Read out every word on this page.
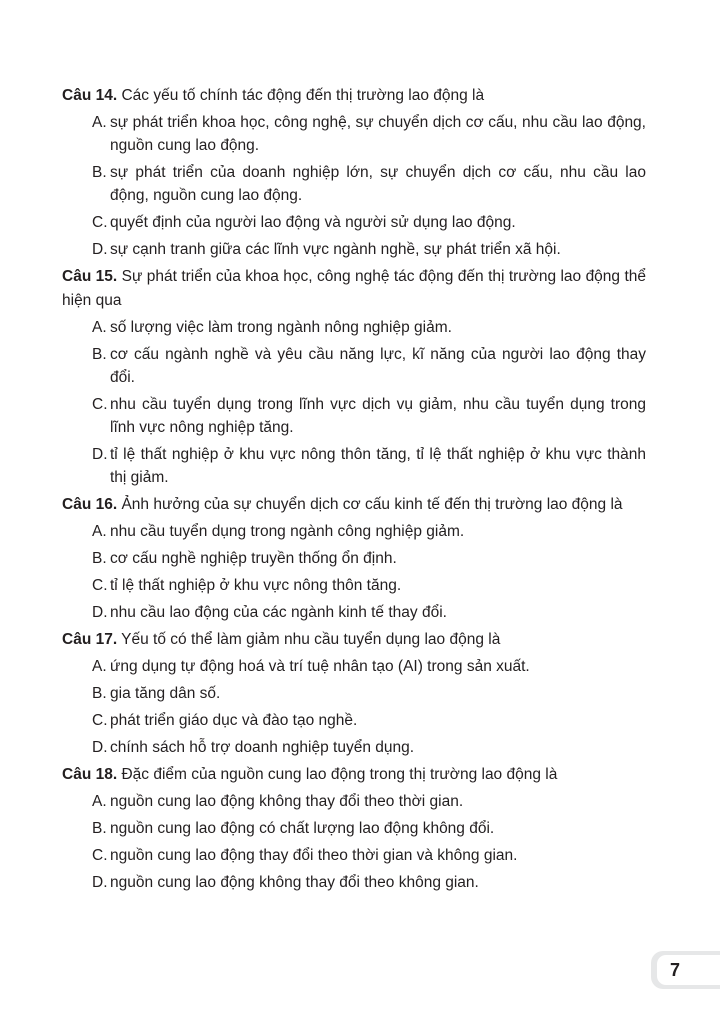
Câu 14. Các yếu tố chính tác động đến thị trường lao động là

A. sự phát triển khoa học, công nghệ, sự chuyển dịch cơ cấu, nhu cầu lao động, nguồn cung lao động.

B. sự phát triển của doanh nghiệp lớn, sự chuyển dịch cơ cấu, nhu cầu lao động, nguồn cung lao động.

C. quyết định của người lao động và người sử dụng lao động.

D. sự cạnh tranh giữa các lĩnh vực ngành nghề, sự phát triển xã hội.

Câu 15. Sự phát triển của khoa học, công nghệ tác động đến thị trường lao động thể hiện qua

A. số lượng việc làm trong ngành nông nghiệp giảm.

B. cơ cấu ngành nghề và yêu cầu năng lực, kĩ năng của người lao động thay đổi.

C. nhu cầu tuyển dụng trong lĩnh vực dịch vụ giảm, nhu cầu tuyển dụng trong lĩnh vực nông nghiệp tăng.

D. tỉ lệ thất nghiệp ở khu vực nông thôn tăng, tỉ lệ thất nghiệp ở khu vực thành thị giảm.

Câu 16. Ảnh hưởng của sự chuyển dịch cơ cấu kinh tế đến thị trường lao động là

A. nhu cầu tuyển dụng trong ngành công nghiệp giảm.

B. cơ cấu nghề nghiệp truyền thống ổn định.

C. tỉ lệ thất nghiệp ở khu vực nông thôn tăng.

D. nhu cầu lao động của các ngành kinh tế thay đổi.

Câu 17. Yếu tố có thể làm giảm nhu cầu tuyển dụng lao động là

A. ứng dụng tự động hoá và trí tuệ nhân tạo (AI) trong sản xuất.

B. gia tăng dân số.

C. phát triển giáo dục và đào tạo nghề.

D. chính sách hỗ trợ doanh nghiệp tuyển dụng.

Câu 18. Đặc điểm của nguồn cung lao động trong thị trường lao động là

A. nguồn cung lao động không thay đổi theo thời gian.

B. nguồn cung lao động có chất lượng lao động không đổi.

C. nguồn cung lao động thay đổi theo thời gian và không gian.

D. nguồn cung lao động không thay đổi theo không gian.

7
